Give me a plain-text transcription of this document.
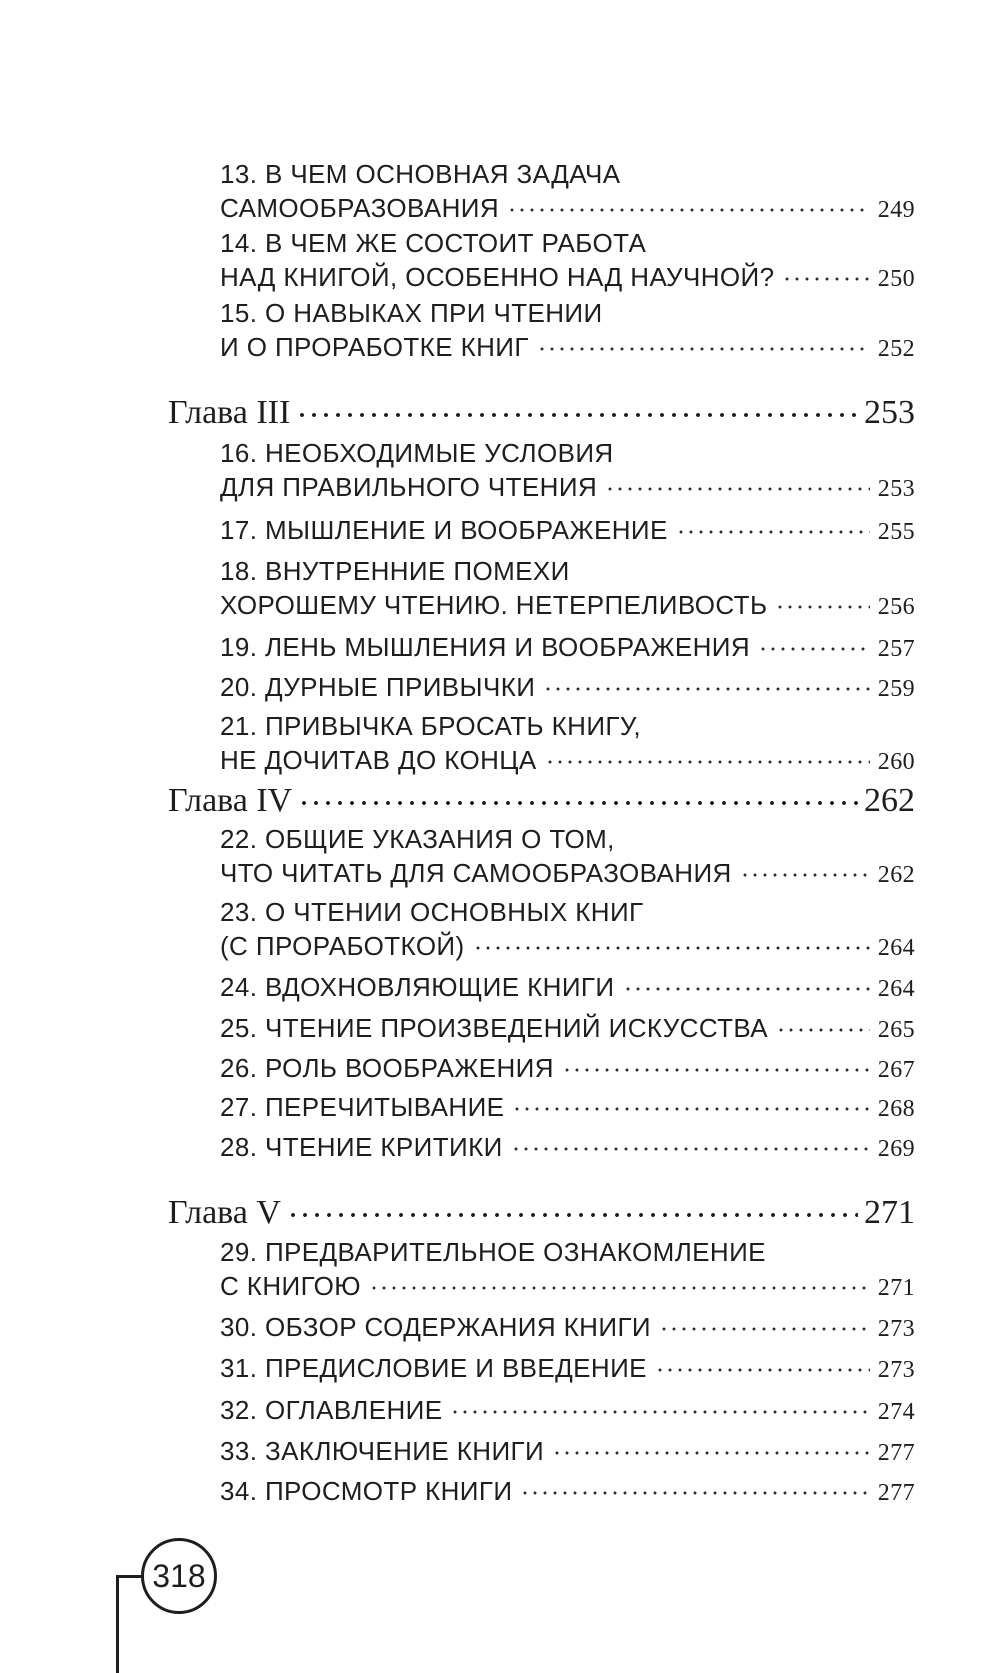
13. В ЧЕМ ОСНОВНАЯ ЗАДАЧА
САМООБРАЗОВАНИЯ	249
14. В ЧЕМ ЖЕ СОСТОИТ РАБОТА
НАД КНИГОЙ, ОСОБЕННО НАД НАУЧНОЙ?	250
15. О НАВЫКАХ ПРИ ЧТЕНИИ
И О ПРОРАБОТКЕ КНИГ	252
Глава III	253
16. НЕОБХОДИМЫЕ УСЛОВИЯ
ДЛЯ ПРАВИЛЬНОГО ЧТЕНИЯ	253
17. МЫШЛЕНИЕ И ВООБРАЖЕНИЕ	255
18. ВНУТРЕННИЕ ПОМЕХИ
ХОРОШЕМУ ЧТЕНИЮ. НЕТЕРПЕЛИВОСТЬ	256
19. ЛЕНЬ МЫШЛЕНИЯ И ВООБРАЖЕНИЯ	257
20. ДУРНЫЕ ПРИВЫЧКИ	259
21. ПРИВЫЧКА БРОСАТЬ КНИГУ,
НЕ ДОЧИТАВ ДО КОНЦА	260
Глава IV	262
22. ОБЩИЕ УКАЗАНИЯ О ТОМ,
ЧТО ЧИТАТЬ ДЛЯ САМООБРАЗОВАНИЯ	262
23. О ЧТЕНИИ ОСНОВНЫХ КНИГ
(С ПРОРАБОТКОЙ)	264
24. ВДОХНОВЛЯЮЩИЕ КНИГИ	264
25. ЧТЕНИЕ ПРОИЗВЕДЕНИЙ ИСКУССТВА	265
26. РОЛЬ ВООБРАЖЕНИЯ	267
27. ПЕРЕЧИТЫВАНИЕ	268
28. ЧТЕНИЕ КРИТИКИ	269
Глава V	271
29. ПРЕДВАРИТЕЛЬНОЕ ОЗНАКОМЛЕНИЕ
С КНИГОЮ	271
30. ОБЗОР СОДЕРЖАНИЯ КНИГИ	273
31. ПРЕДИСЛОВИЕ И ВВЕДЕНИЕ	273
32. ОГЛАВЛЕНИЕ	274
33. ЗАКЛЮЧЕНИЕ КНИГИ	277
34. ПРОСМОТР КНИГИ	277
318
